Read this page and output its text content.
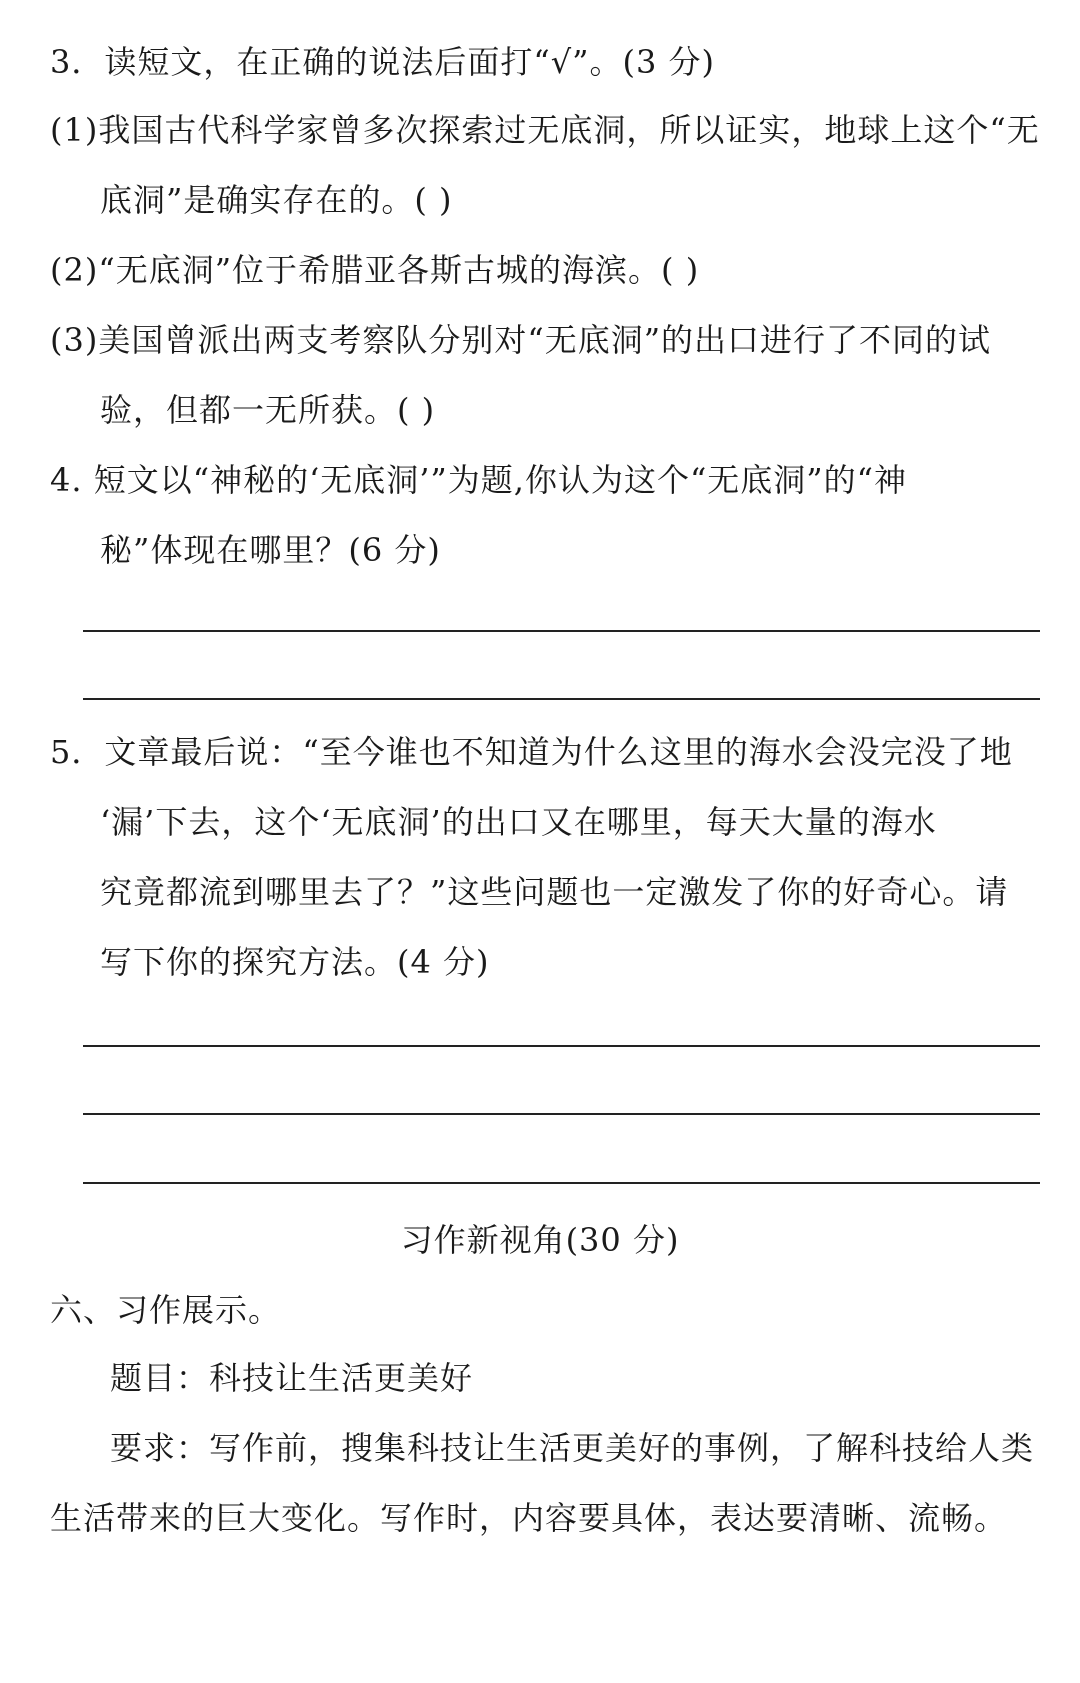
3．读短文，在正确的说法后面打“√”。(3 分)
(1)我国古代科学家曾多次探索过无底洞，所以证实，地球上这个“无
底洞”是确实存在的。( )
(2)“无底洞”位于希腊亚各斯古城的海滨。( )
(3)美国曾派出两支考察队分别对“无底洞”的出口进行了不同的试
验，但都一无所获。( )
4. 短文以“神秘的‘无底洞’”为题,你认为这个“无底洞”的“神
秘”体现在哪里？(6 分)
5．文章最后说：“至今谁也不知道为什么这里的海水会没完没了地
‘漏’下去，这个‘无底洞’的出口又在哪里，每天大量的海水
究竟都流到哪里去了？”这些问题也一定激发了你的好奇心。请
写下你的探究方法。(4 分)
习作新视角(30 分)
六、习作展示。
题目：科技让生活更美好
要求：写作前，搜集科技让生活更美好的事例，了解科技给人类
生活带来的巨大变化。写作时，内容要具体，表达要清晰、流畅。
